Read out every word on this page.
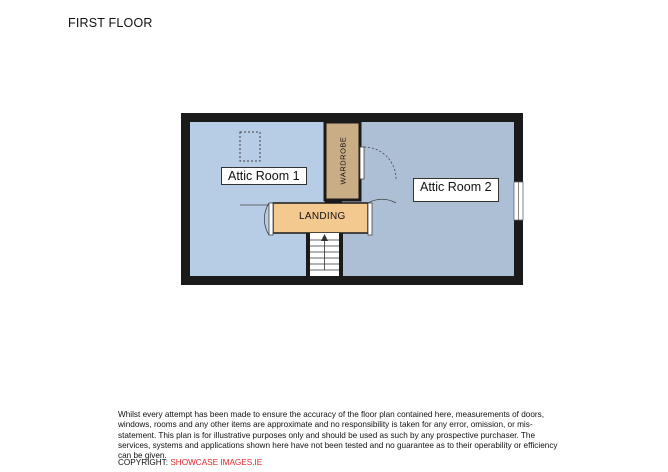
FIRST FLOOR
Attic Room 1
Attic Room 2
LANDING
WARDROBE
Whilst every attempt has been made to ensure the accuracy of the floor plan contained here, measurements of doors, windows, rooms and any other items are approximate and no responsibility is taken for any error, omission, or mis-statement. This plan is for illustrative purposes only and should be used as such by any prospective purchaser. The services, systems and applications shown here have not been tested and no guarantee as to their operability or efficiency can be given.
COPYRIGHT: SHOWCASE IMAGES.IE
